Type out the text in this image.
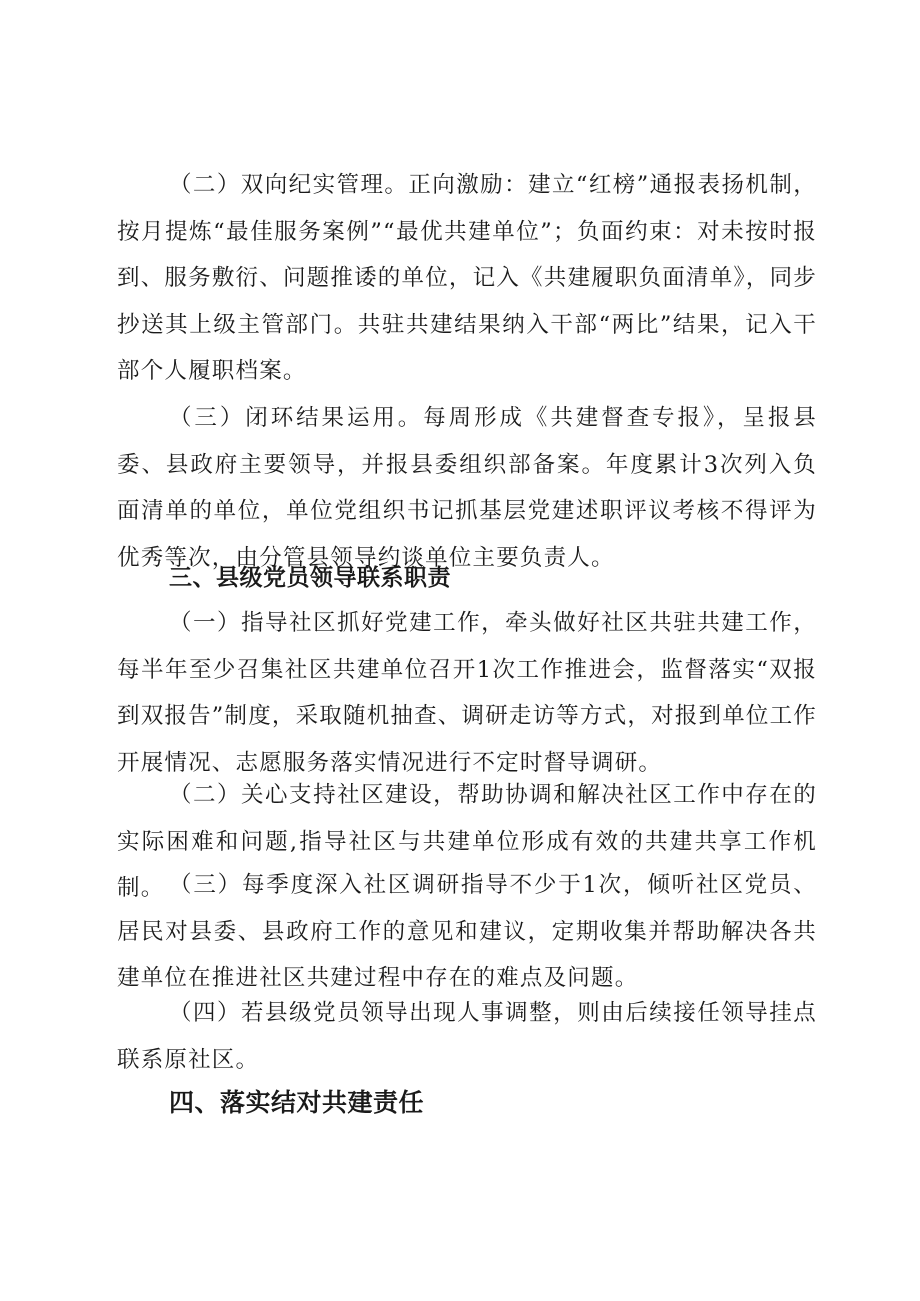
（二）双向纪实管理。正向激励：建立“红榜”通报表扬机制，按月提炼“最佳服务案例”“最优共建单位”；负面约束：对未按时报到、服务敷衍、问题推诿的单位，记入《共建履职负面清单》，同步抄送其上级主管部门。共驻共建结果纳入干部“两比”结果，记入干部个人履职档案。

（三）闭环结果运用。每周形成《共建督查专报》，呈报县委、县政府主要领导，并报县委组织部备案。年度累计3次列入负面清单的单位，单位党组织书记抓基层党建述职评议考核不得评为优秀等次，由分管县领导约谈单位主要负责人。

三、县级党员领导联系职责

（一）指导社区抓好党建工作，牵头做好社区共驻共建工作，每半年至少召集社区共建单位召开1次工作推进会，监督落实“双报到双报告”制度，采取随机抽查、调研走访等方式，对报到单位工作开展情况、志愿服务落实情况进行不定时督导调研。

（二）关心支持社区建设，帮助协调和解决社区工作中存在的实际困难和问题,指导社区与共建单位形成有效的共建共享工作机制。 （三）每季度深入社区调研指导不少于1次，倾听社区党员、居民对县委、县政府工作的意见和建议，定期收集并帮助解决各共建单位在推进社区共建过程中存在的难点及问题。

（四）若县级党员领导出现人事调整，则由后续接任领导挂点联系原社区。

四、落实结对共建责任
